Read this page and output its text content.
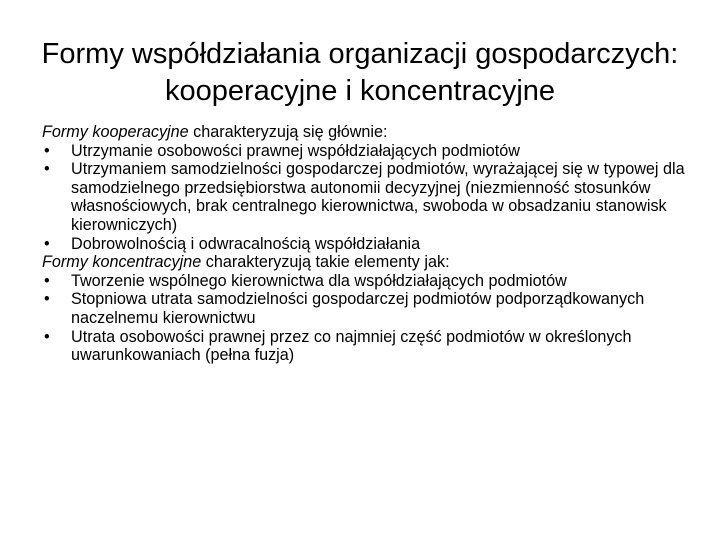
Formy współdziałania organizacji gospodarczych:
kooperacyjne i koncentracyjne

Formy kooperacyjne charakteryzują się głównie:

• Utrzymanie osobowości prawnej współdziałających podmiotów
• Utrzymaniem samodzielności gospodarczej podmiotów, wyrażającej się w typowej dla samodzielnego przedsiębiorstwa autonomii decyzyjnej (niezmienność stosunków własnościowych, brak centralnego kierownictwa, swoboda w obsadzaniu stanowisk kierowniczych)
• Dobrowolnością i odwracalnością współdziałania

Formy koncentracyjne charakteryzują takie elementy jak:

• Tworzenie wspólnego kierownictwa dla współdziałających podmiotów
• Stopniowa utrata samodzielności gospodarczej podmiotów podporządkowanych naczelnemu kierownictwu
• Utrata osobowości prawnej przez co najmniej część podmiotów w określonych uwarunkowaniach (pełna fuzja)
